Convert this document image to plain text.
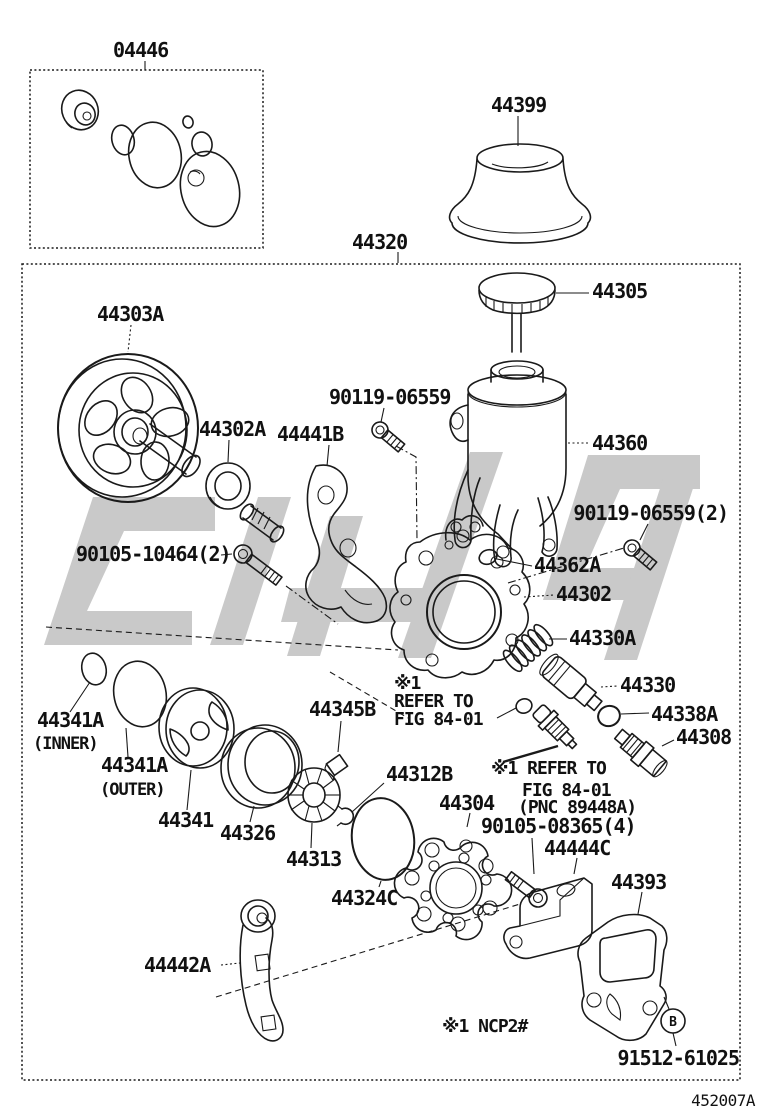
04446
44399
44320
44305
44303A
90119-06559
44302A 44441B	44360
90119-06559(2)
90105-10464(2)	44362A
44302
44330A
44330
44338A
44308
44341A
(INNER)
44341A
(OUTER)
44345B
44341
44326
44312B
44313
44304
44324C
90105-08365(4)
44444C
44393
44442A
91512-61025
B
※1
REFER TO
FIG 84-01
※1 REFER TO
FIG 84-01
(PNC 89448A)
※1 NCP2#
452007A
